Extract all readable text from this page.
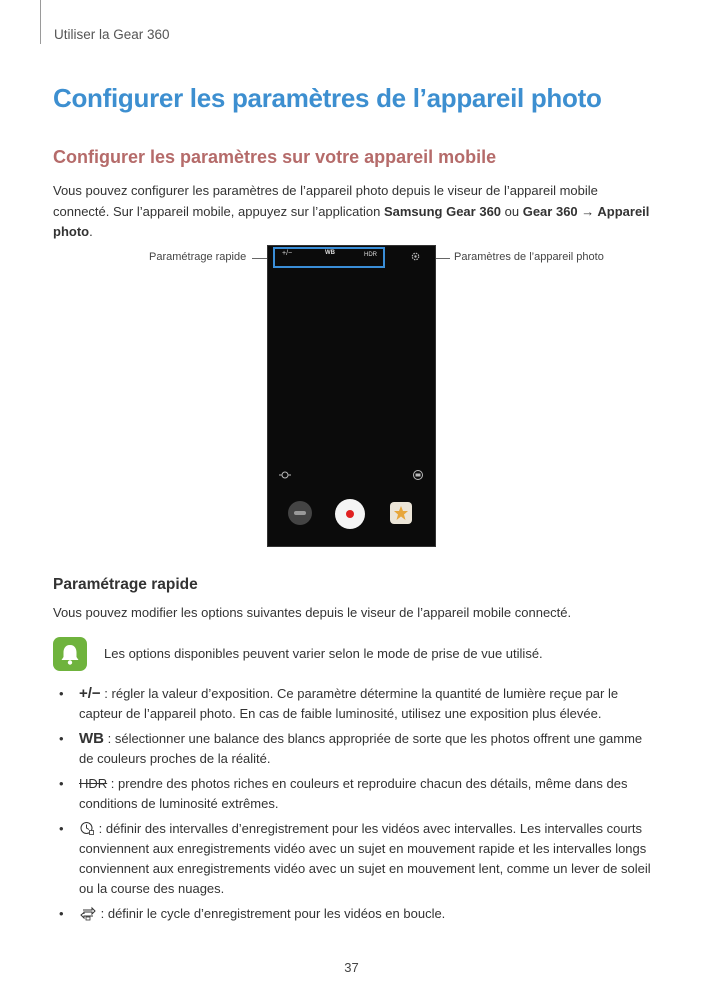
Utiliser la Gear 360
Configurer les paramètres de l’appareil photo
Configurer les paramètres sur votre appareil mobile
Vous pouvez configurer les paramètres de l’appareil photo depuis le viseur de l’appareil mobile connecté. Sur l’appareil mobile, appuyez sur l’application Samsung Gear 360 ou Gear 360 → Appareil photo.
Paramétrage rapide	Paramètres de l’appareil photo
+/−	WB	HDR
Paramétrage rapide
Vous pouvez modifier les options suivantes depuis le viseur de l’appareil mobile connecté.
Les options disponibles peuvent varier selon le mode de prise de vue utilisé.
• +/− : régler la valeur d’exposition. Ce paramètre détermine la quantité de lumière reçue par le capteur de l’appareil photo. En cas de faible luminosité, utilisez une exposition plus élevée.
• WB : sélectionner une balance des blancs appropriée de sorte que les photos offrent une gamme de couleurs proches de la réalité.
• HDR : prendre des photos riches en couleurs et reproduire chacun des détails, même dans des conditions de luminosité extrêmes.
• : définir des intervalles d’enregistrement pour les vidéos avec intervalles. Les intervalles courts conviennent aux enregistrements vidéo avec un sujet en mouvement rapide et les intervalles longs conviennent aux enregistrements vidéo avec un sujet en mouvement lent, comme un lever de soleil ou la course des nuages.
•	: définir le cycle d’enregistrement pour les vidéos en boucle.
37
